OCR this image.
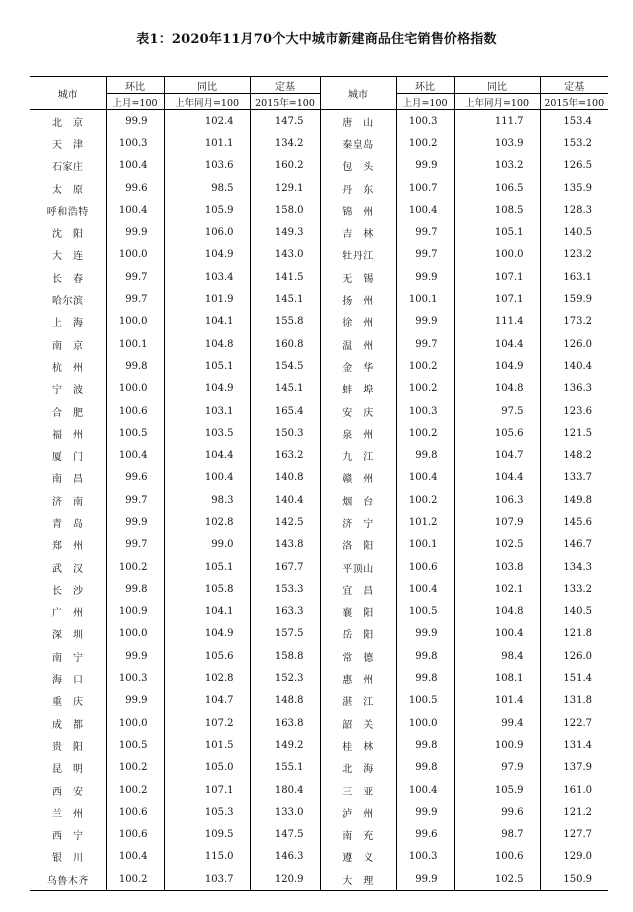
表1：2020年11月70个大中城市新建商品住宅销售价格指数
城市	环比	同比	定基	城市	环比	同比	定基
	上月=100	上年同月=100	2015年=100		上月=100	上年同月=100	2015年=100
北　京	99.9	102.4	147.5	唐　山	100.3	111.7	153.4
天　津	100.3	101.1	134.2	秦皇岛	100.2	103.9	153.2
石家庄	100.4	103.6	160.2	包　头	99.9	103.2	126.5
太　原	99.6	98.5	129.1	丹　东	100.7	106.5	135.9
呼和浩特	100.4	105.9	158.0	锦　州	100.4	108.5	128.3
沈　阳	99.9	106.0	149.3	吉　林	99.7	105.1	140.5
大　连	100.0	104.9	143.0	牡丹江	99.7	100.0	123.2
长　春	99.7	103.4	141.5	无　锡	99.9	107.1	163.1
哈尔滨	99.7	101.9	145.1	扬　州	100.1	107.1	159.9
上　海	100.0	104.1	155.8	徐　州	99.9	111.4	173.2
南　京	100.1	104.8	160.8	温　州	99.7	104.4	126.0
杭　州	99.8	105.1	154.5	金　华	100.2	104.9	140.4
宁　波	100.0	104.9	145.1	蚌　埠	100.2	104.8	136.3
合　肥	100.6	103.1	165.4	安　庆	100.3	97.5	123.6
福　州	100.5	103.5	150.3	泉　州	100.2	105.6	121.5
厦　门	100.4	104.4	163.2	九　江	99.8	104.7	148.2
南　昌	99.6	100.4	140.8	赣　州	100.4	104.4	133.7
济　南	99.7	98.3	140.4	烟　台	100.2	106.3	149.8
青　岛	99.9	102.8	142.5	济　宁	101.2	107.9	145.6
郑　州	99.7	99.0	143.8	洛　阳	100.1	102.5	146.7
武　汉	100.2	105.1	167.7	平顶山	100.6	103.8	134.3
长　沙	99.8	105.8	153.3	宜　昌	100.4	102.1	133.2
广　州	100.9	104.1	163.3	襄　阳	100.5	104.8	140.5
深　圳	100.0	104.9	157.5	岳　阳	99.9	100.4	121.8
南　宁	99.9	105.6	158.8	常　德	99.8	98.4	126.0
海　口	100.3	102.8	152.3	惠　州	99.8	108.1	151.4
重　庆	99.9	104.7	148.8	湛　江	100.5	101.4	131.8
成　都	100.0	107.2	163.8	韶　关	100.0	99.4	122.7
贵　阳	100.5	101.5	149.2	桂　林	99.8	100.9	131.4
昆　明	100.2	105.0	155.1	北　海	99.8	97.9	137.9
西　安	100.2	107.1	180.4	三　亚	100.4	105.9	161.0
兰　州	100.6	105.3	133.0	泸　州	99.9	99.6	121.2
西　宁	100.6	109.5	147.5	南　充	99.6	98.7	127.7
银　川	100.4	115.0	146.3	遵　义	100.3	100.6	129.0
乌鲁木齐	100.2	103.7	120.9	大　理	99.9	102.5	150.9
